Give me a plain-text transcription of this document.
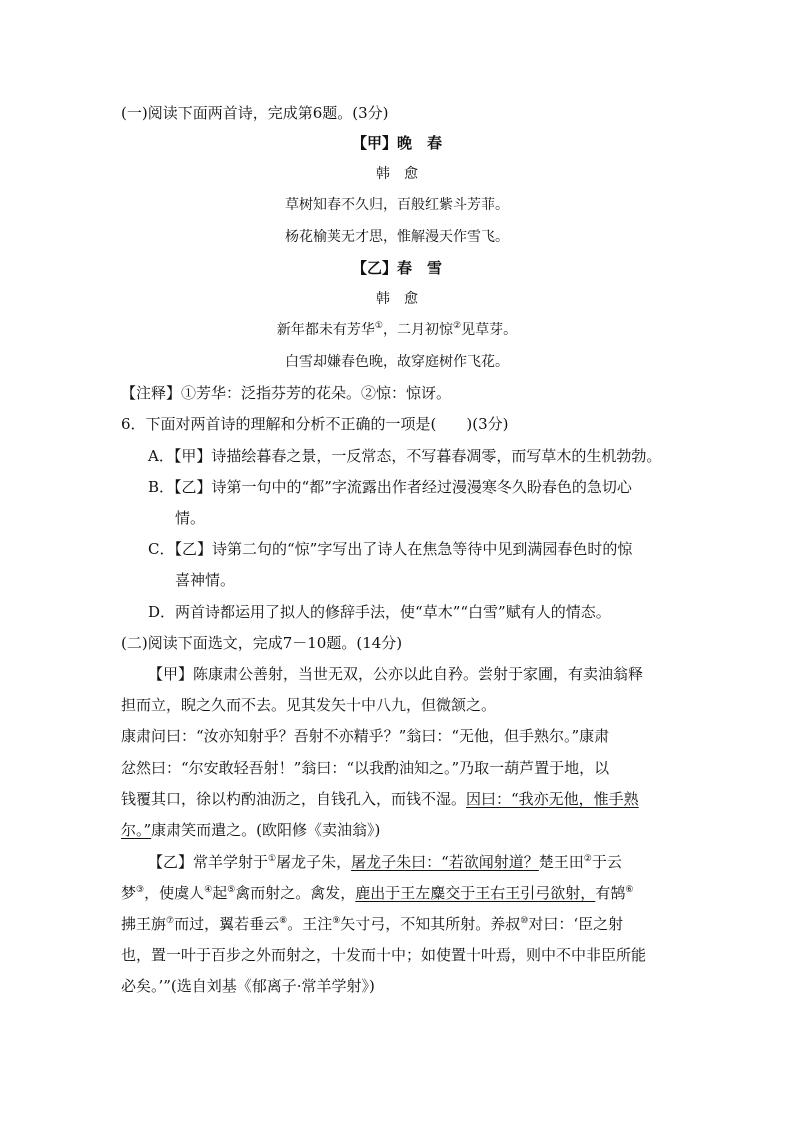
(一)阅读下面两首诗，完成第6题。(3分)
【甲】晚　春
韩　愈
草树知春不久归，百般红紫斗芳菲。
杨花榆荚无才思，惟解漫天作雪飞。
【乙】春　雪
韩　愈
新年都未有芳华①，二月初惊②见草芽。
白雪却嫌春色晚，故穿庭树作飞花。
【注释】①芳华：泛指芬芳的花朵。②惊：惊讶。
6．下面对两首诗的理解和分析不正确的一项是(　　)(3分)
A．【甲】诗描绘暮春之景，一反常态，不写暮春凋零，而写草木的生机勃勃。
B．【乙】诗第一句中的“都”字流露出作者经过漫漫寒冬久盼春色的急切心
情。
C．【乙】诗第二句的“惊”字写出了诗人在焦急等待中见到满园春色时的惊
喜神情。
D．两首诗都运用了拟人的修辞手法，使“草木”“白雪”赋有人的情态。
(二)阅读下面选文，完成7－10题。(14分)
【甲】陈康肃公善射，当世无双，公亦以此自矜。尝射于家圃，有卖油翁释
担而立，睨之久而不去。见其发矢十中八九，但微颔之。
康肃问曰：“汝亦知射乎？吾射不亦精乎？”翁曰：“无他，但手熟尔。”康肃
忿然曰：“尔安敢轻吾射！”翁曰：“以我酌油知之。”乃取一葫芦置于地，以
钱覆其口，徐以杓酌油沥之，自钱孔入，而钱不湿。因曰：“我亦无他，惟手熟
尔。”康肃笑而遣之。(欧阳修《卖油翁》)
【乙】常羊学射于①屠龙子朱，屠龙子朱曰：“若欲闻射道？楚王田②于云
梦③，使虞人④起⑤禽而射之。禽发，鹿出于王左麋交于王右王引弓欲射，有鹄⑥
拂王旃⑦而过，翼若垂云⑧。王注⑨矢寸弓，不知其所射。养叔⑩对曰：‘臣之射
也，置一叶于百步之外而射之，十发而十中；如使置十叶焉，则中不中非臣所能
必矣。’”(选自刘基《郁离子·常羊学射》)
